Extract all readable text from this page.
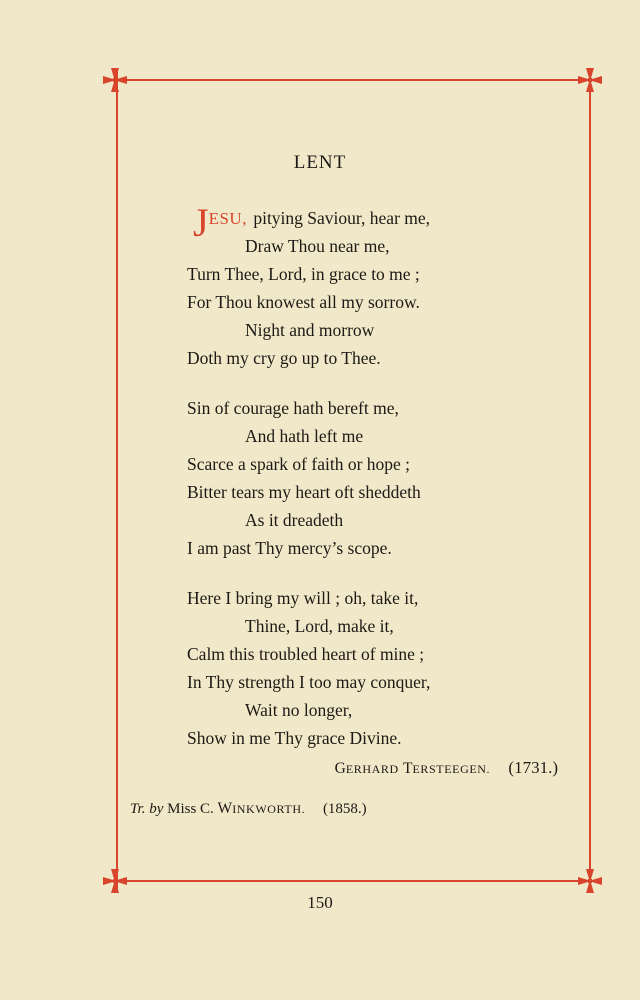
LENT
JESU, pitying Saviour, hear me,
Draw Thou near me,
Turn Thee, Lord, in grace to me ;
For Thou knowest all my sorrow.
Night and morrow
Doth my cry go up to Thee.
Sin of courage hath bereft me,
And hath left me
Scarce a spark of faith or hope ;
Bitter tears my heart oft sheddeth
As it dreadeth
I am past Thy mercy’s scope.
Here I bring my will ; oh, take it,
Thine, Lord, make it,
Calm this troubled heart of mine ;
In Thy strength I too may conquer,
Wait no longer,
Show in me Thy grace Divine.
GERHARD TERSTEEGEN. (1731.)
Tr. by Miss C. WINKWORTH. (1858.)
150
